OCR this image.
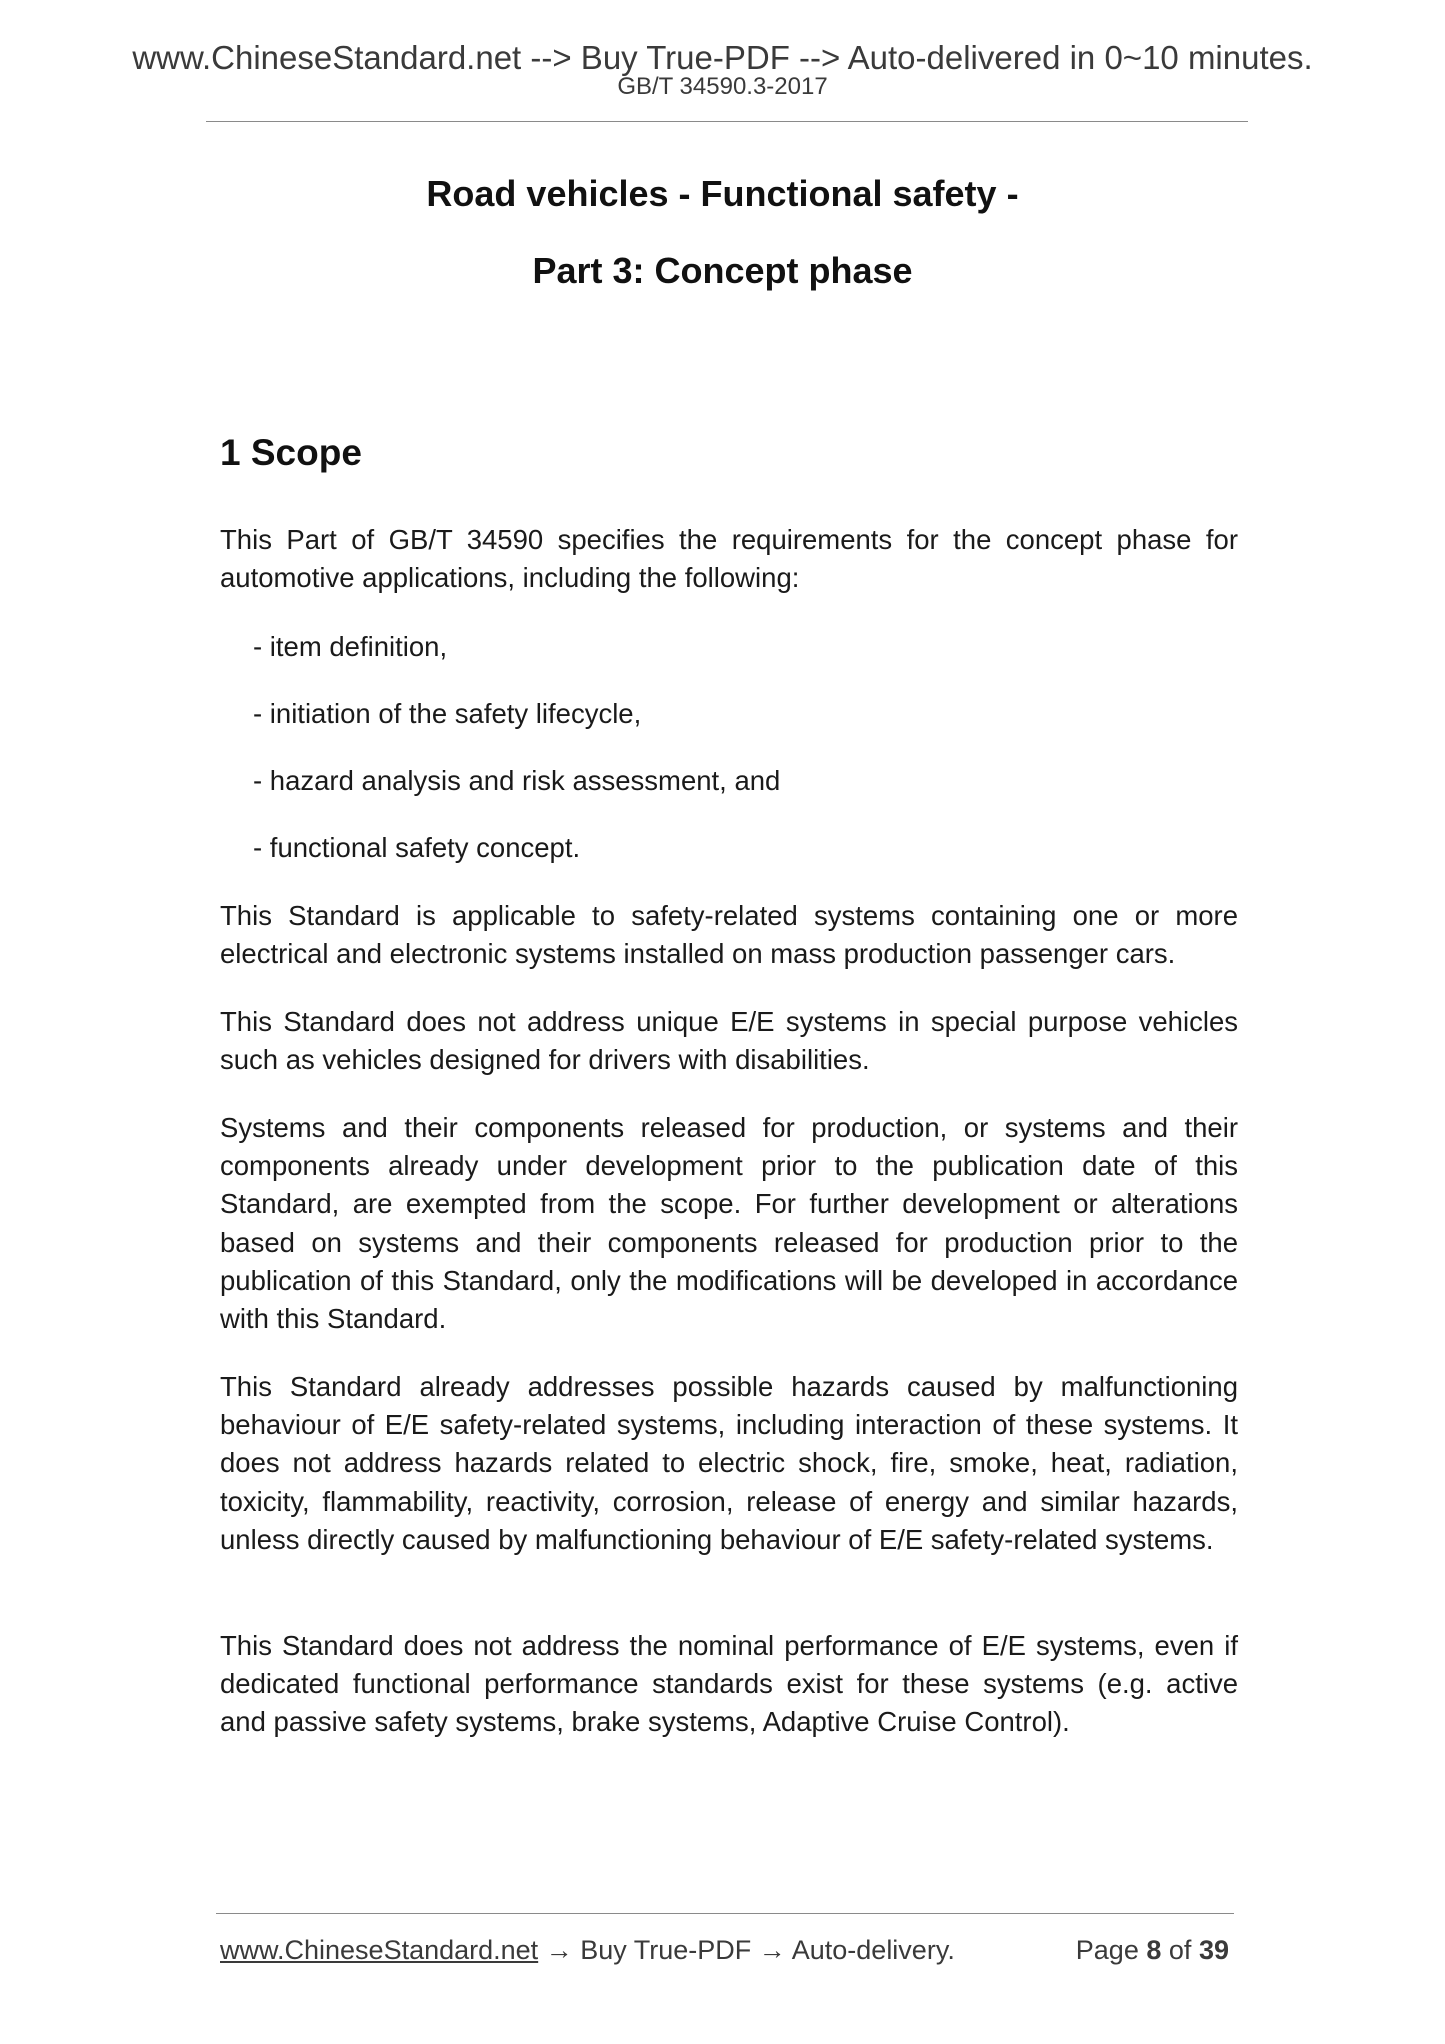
www.ChineseStandard.net --> Buy True-PDF --> Auto-delivered in 0~10 minutes.
GB/T 34590.3-2017
Road vehicles - Functional safety -
Part 3: Concept phase
1 Scope
This Part of GB/T 34590 specifies the requirements for the concept phase for automotive applications, including the following:
- item definition,
- initiation of the safety lifecycle,
- hazard analysis and risk assessment, and
- functional safety concept.
This Standard is applicable to safety-related systems containing one or more electrical and electronic systems installed on mass production passenger cars.
This Standard does not address unique E/E systems in special purpose vehicles such as vehicles designed for drivers with disabilities.
Systems and their components released for production, or systems and their components already under development prior to the publication date of this Standard, are exempted from the scope. For further development or alterations based on systems and their components released for production prior to the publication of this Standard, only the modifications will be developed in accordance with this Standard.
This Standard already addresses possible hazards caused by malfunctioning behaviour of E/E safety-related systems, including interaction of these systems. It does not address hazards related to electric shock, fire, smoke, heat, radiation, toxicity, flammability, reactivity, corrosion, release of energy and similar hazards, unless directly caused by malfunctioning behaviour of E/E safety-related systems.
This Standard does not address the nominal performance of E/E systems, even if dedicated functional performance standards exist for these systems (e.g. active and passive safety systems, brake systems, Adaptive Cruise Control).
www.ChineseStandard.net → Buy True-PDF → Auto-delivery.	Page 8 of 39
